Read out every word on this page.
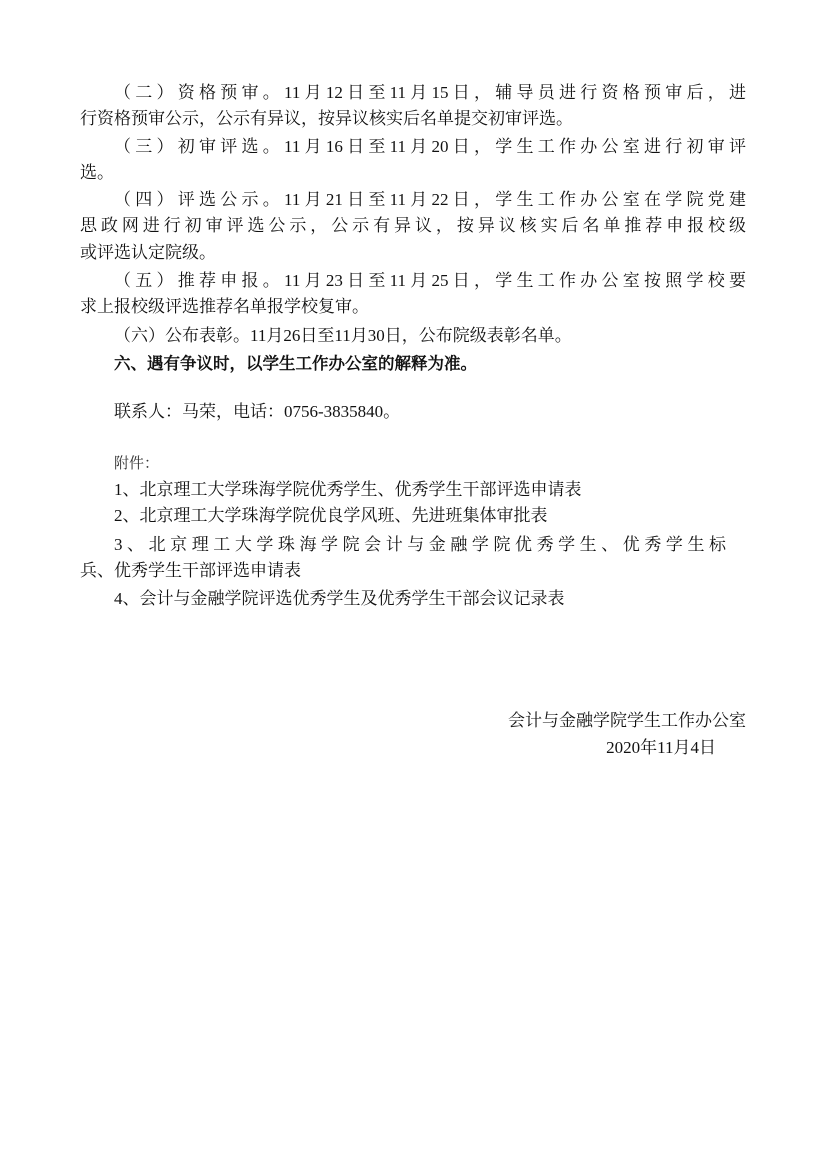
（二）资格预审。11月12日至11月15日，辅导员进行资格预审后，进
行资格预审公示，公示有异议，按异议核实后名单提交初审评选。
（三）初审评选。11月16日至11月20日，学生工作办公室进行初审评
选。
（四）评选公示。11月21日至11月22日，学生工作办公室在学院党建
思政网进行初审评选公示，公示有异议，按异议核实后名单推荐申报校级
或评选认定院级。
（五）推荐申报。11月23日至11月25日，学生工作办公室按照学校要
求上报校级评选推荐名单报学校复审。
（六）公布表彰。11月26日至11月30日，公布院级表彰名单。
六、遇有争议时，以学生工作办公室的解释为准。
联系人：马荣，电话：0756-3835840。
附件：
1、北京理工大学珠海学院优秀学生、优秀学生干部评选申请表
2、北京理工大学珠海学院优良学风班、先进班集体审批表
3、北京理工大学珠海学院会计与金融学院优秀学生、优秀学生标
兵、优秀学生干部评选申请表
4、会计与金融学院评选优秀学生及优秀学生干部会议记录表
会计与金融学院学生工作办公室
2020年11月4日
